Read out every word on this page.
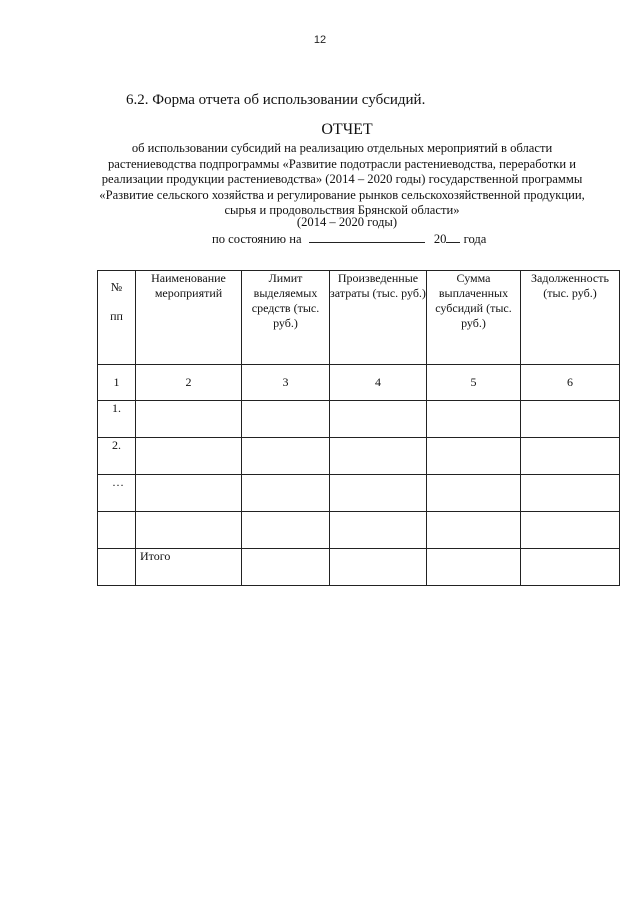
12
6.2. Форма отчета об использовании субсидий.
ОТЧЕТ
об использовании субсидий на реализацию отдельных мероприятий в области растениеводства подпрограммы «Развитие подотрасли растениеводства, переработки и реализации продукции растениеводства» (2014 – 2020 годы) государственной программы «Развитие сельского хозяйства и регулирование рынков сельскохозяйственной продукции, сырья и продовольствия Брянской области»
(2014 – 2020 годы)
по состоянию на	20 года
№
пп	Наименование мероприятий	Лимит выделяемых средств (тыс. руб.)	Произведенные затраты (тыс. руб.)	Сумма выплаченных субсидий (тыс. руб.)	Задолженность (тыс. руб.)
1	2	3	4	5	6
1.					
2.					
…					

	Итого				
